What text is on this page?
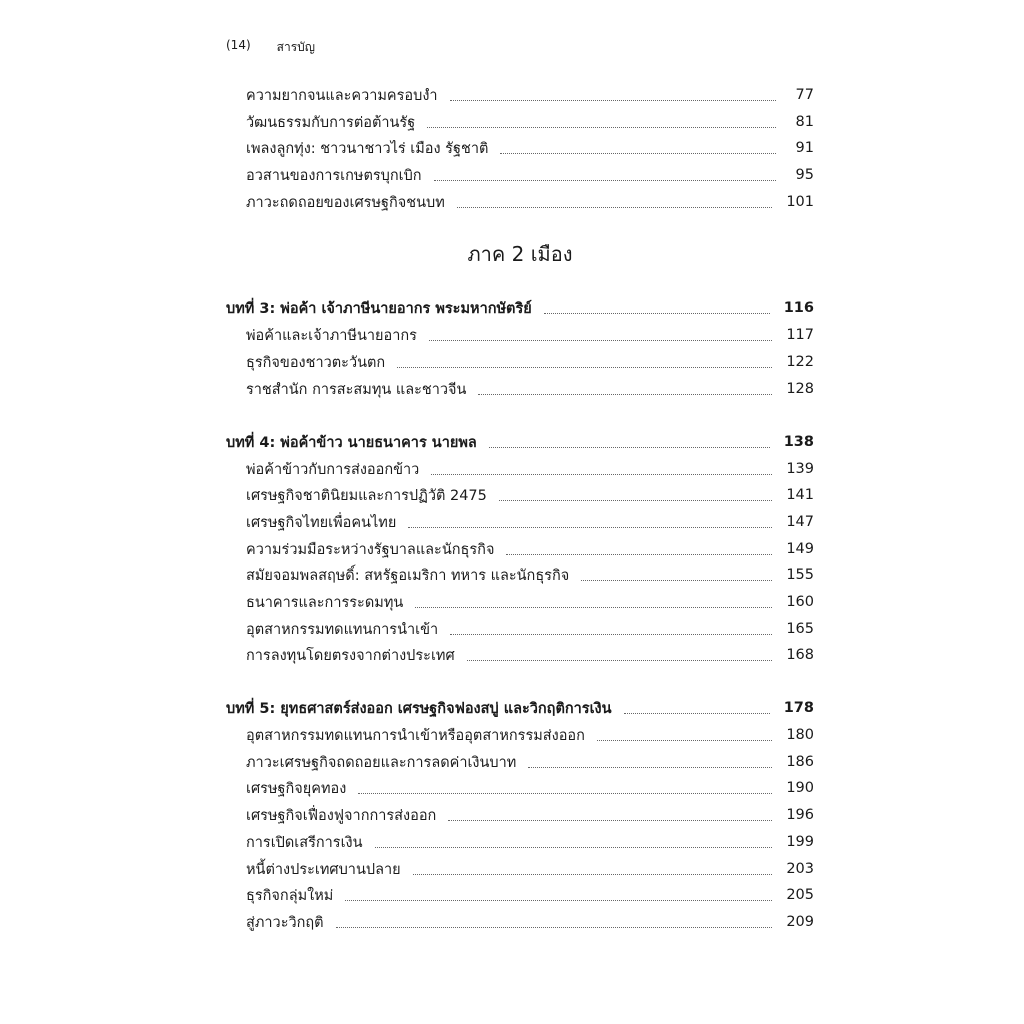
(14) สารบัญ
ความยากจนและความครอบงำ	77
วัฒนธรรมกับการต่อต้านรัฐ	81
เพลงลูกทุ่ง: ชาวนาชาวไร่ เมือง รัฐชาติ	91
อวสานของการเกษตรบุกเบิก	95
ภาวะถดถอยของเศรษฐกิจชนบท	101
ภาค 2 เมือง
บทที่ 3: พ่อค้า เจ้าภาษีนายอากร พระมหากษัตริย์	116
พ่อค้าและเจ้าภาษีนายอากร	117
ธุรกิจของชาวตะวันตก	122
ราชสำนัก การสะสมทุน และชาวจีน	128
บทที่ 4: พ่อค้าข้าว นายธนาคาร นายพล	138
พ่อค้าข้าวกับการส่งออกข้าว	139
เศรษฐกิจชาตินิยมและการปฏิวัติ 2475	141
เศรษฐกิจไทยเพื่อคนไทย	147
ความร่วมมือระหว่างรัฐบาลและนักธุรกิจ	149
สมัยจอมพลสฤษดิ์: สหรัฐอเมริกา ทหาร และนักธุรกิจ	155
ธนาคารและการระดมทุน	160
อุตสาหกรรมทดแทนการนำเข้า	165
การลงทุนโดยตรงจากต่างประเทศ	168
บทที่ 5: ยุทธศาสตร์ส่งออก เศรษฐกิจฟองสบู่ และวิกฤติการเงิน	178
อุตสาหกรรมทดแทนการนำเข้าหรืออุตสาหกรรมส่งออก	180
ภาวะเศรษฐกิจถดถอยและการลดค่าเงินบาท	186
เศรษฐกิจยุคทอง	190
เศรษฐกิจเฟื่องฟูจากการส่งออก	196
การเปิดเสรีการเงิน	199
หนี้ต่างประเทศบานปลาย	203
ธุรกิจกลุ่มใหม่	205
สู่ภาวะวิกฤติ	209
